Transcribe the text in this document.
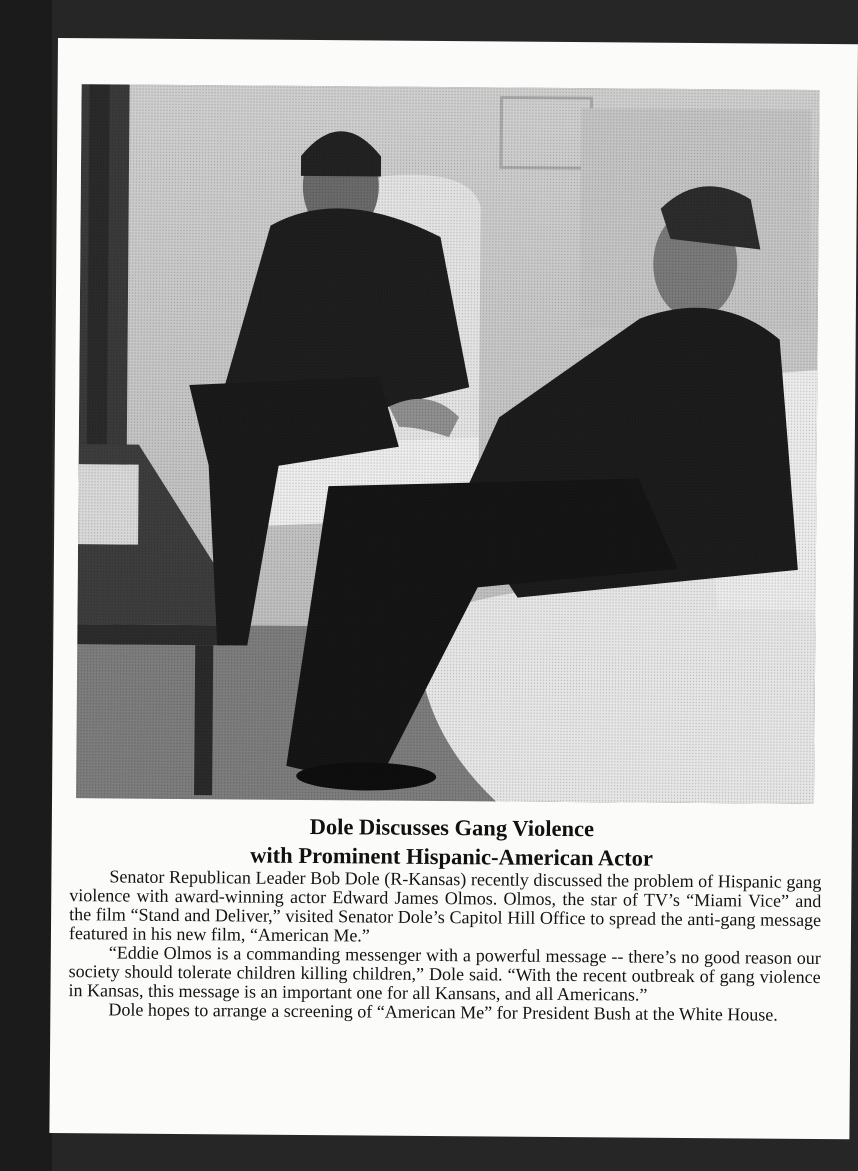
Dole Discusses Gang Violence
with Prominent Hispanic-American Actor

Senator Republican Leader Bob Dole (R-Kansas) recently discussed the problem of Hispanic gang violence with award-winning actor Edward James Olmos. Olmos, the star of TV’s “Miami Vice” and the film “Stand and Deliver,” visited Senator Dole’s Capitol Hill Office to spread the anti-gang message featured in his new film, “American Me.”

“Eddie Olmos is a commanding messenger with a powerful message -- there’s no good reason our society should tolerate children killing children,” Dole said. “With the recent outbreak of gang violence in Kansas, this message is an important one for all Kansans, and all Americans.”

Dole hopes to arrange a screening of “American Me” for President Bush at the White House.
